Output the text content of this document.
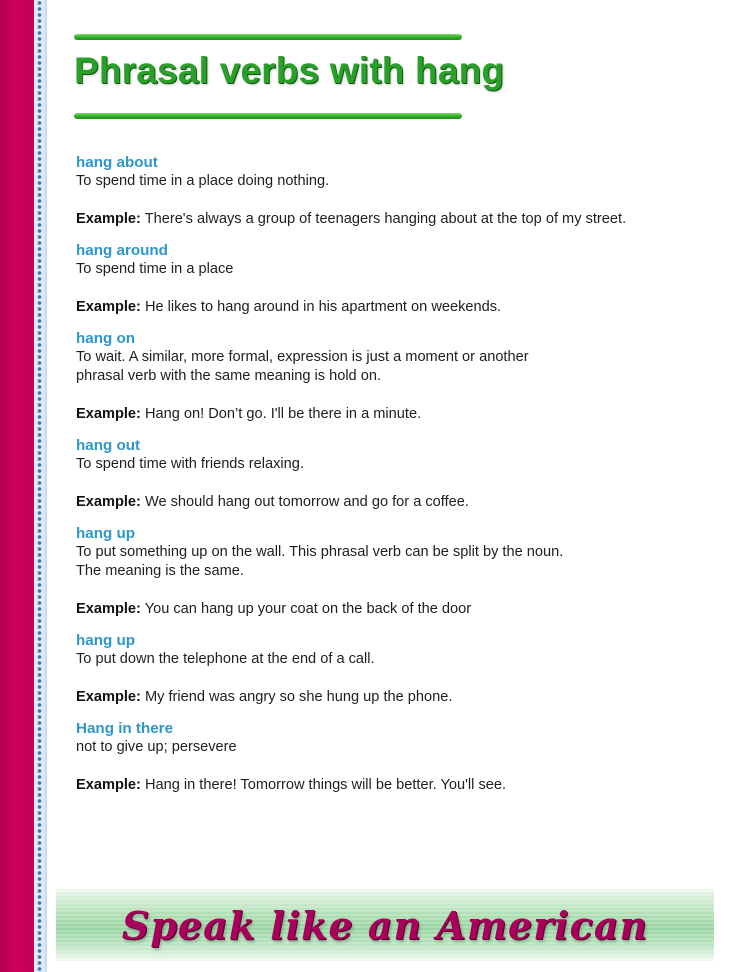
Phrasal verbs with hang
hang about
To spend time in a place doing nothing.
Example: There's always a group of teenagers hanging about at the top of my street.
hang around
To spend time in a place
Example: He likes to hang around in his apartment on weekends.
hang on
To wait. A similar, more formal, expression is just a moment or another
phrasal verb with the same meaning is hold on.
Example: Hang on! Don’t go. I'll be there in a minute.
hang out
To spend time with friends relaxing.
Example: We should hang out tomorrow and go for a coffee.
hang up
To put something up on the wall. This phrasal verb can be split by the noun.
The meaning is the same.
Example: You can hang up your coat on the back of the door
hang up
To put down the telephone at the end of a call.
Example: My friend was angry so she hung up the phone.
Hang in there
not to give up; persevere
Example: Hang in there! Tomorrow things will be better. You'll see.
Speak like an American
